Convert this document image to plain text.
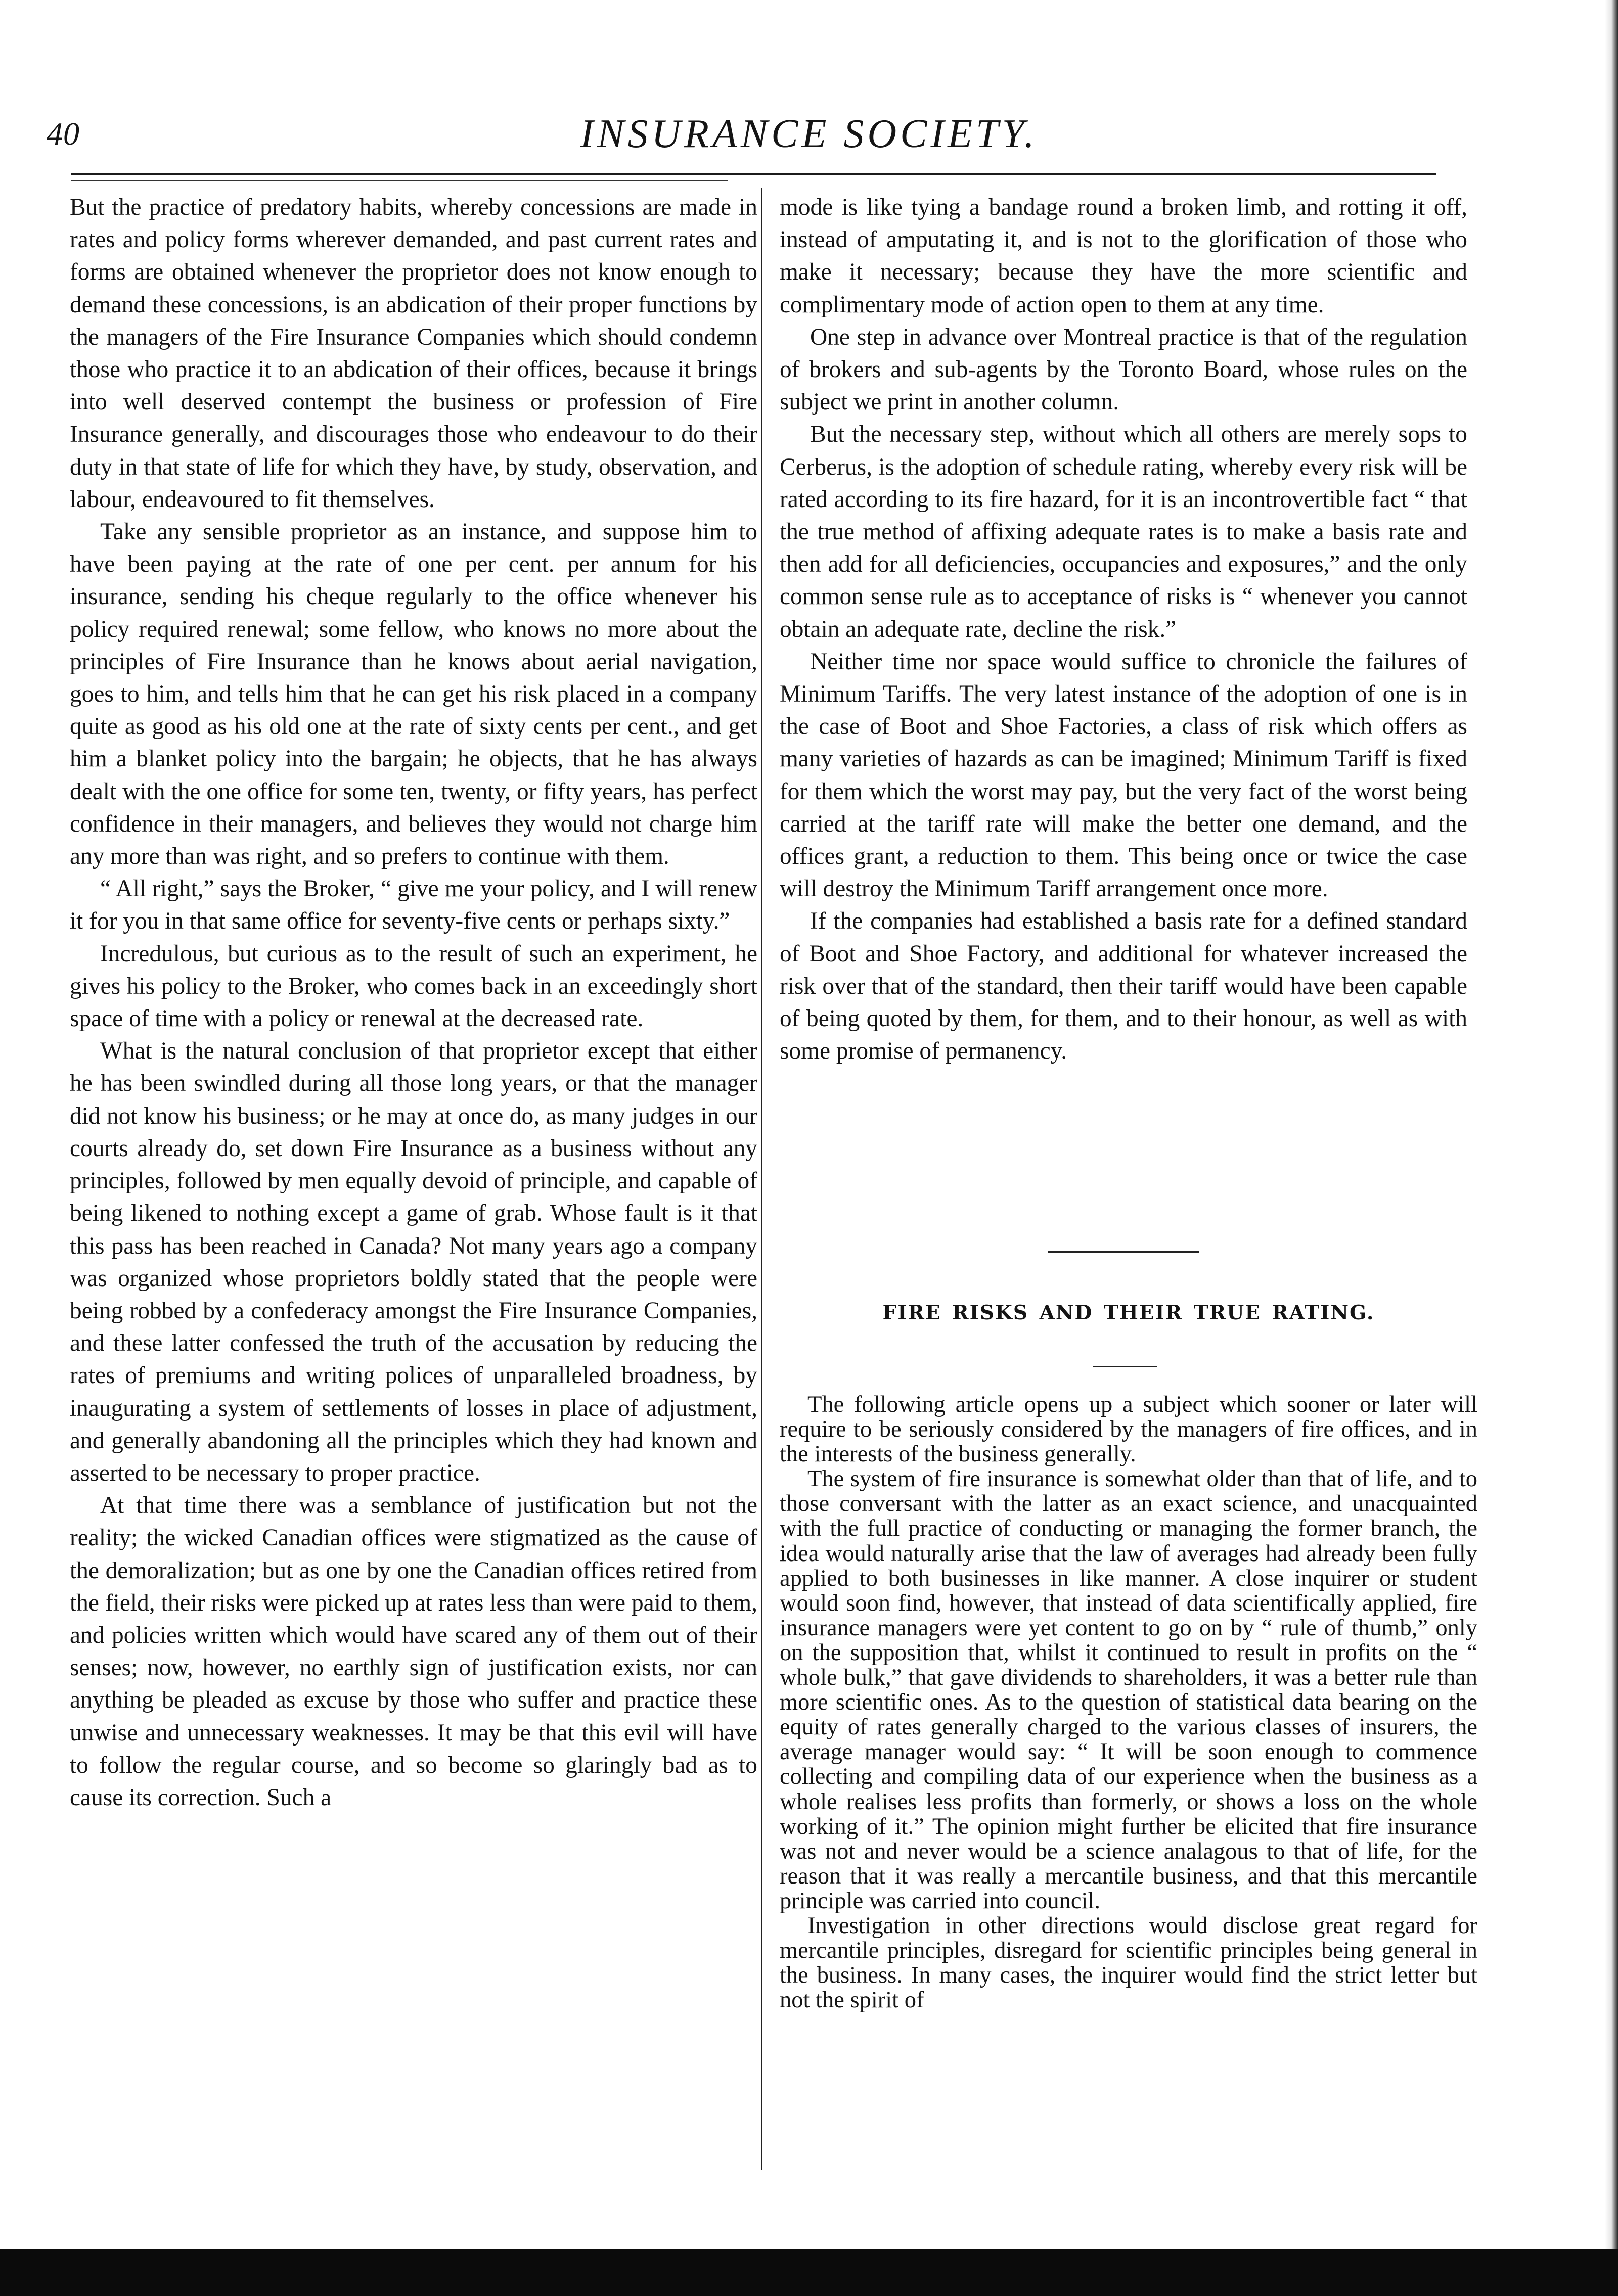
40	INSURANCE SOCIETY.

But the practice of predatory habits, whereby concessions are made in rates and policy forms wherever demanded, and past current rates and forms are obtained whenever the proprietor does not know enough to demand these concessions, is an abdication of their proper functions by the managers of the Fire Insurance Companies which should condemn those who practice it to an abdication of their offices, because it brings into well deserved contempt the business or profession of Fire Insurance generally, and discourages those who endeavour to do their duty in that state of life for which they have, by study, observation, and labour, endeavoured to fit themselves.

Take any sensible proprietor as an instance, and suppose him to have been paying at the rate of one per cent. per annum for his insurance, sending his cheque regularly to the office whenever his policy required renewal; some fellow, who knows no more about the principles of Fire Insurance than he knows about aerial navigation, goes to him, and tells him that he can get his risk placed in a company quite as good as his old one at the rate of sixty cents per cent., and get him a blanket policy into the bargain; he objects, that he has always dealt with the one office for some ten, twenty, or fifty years, has perfect confidence in their managers, and believes they would not charge him any more than was right, and so prefers to continue with them.

“ All right,” says the Broker, “ give me your policy, and I will renew it for you in that same office for seventy-five cents or perhaps sixty.”

Incredulous, but curious as to the result of such an experiment, he gives his policy to the Broker, who comes back in an exceedingly short space of time with a policy or renewal at the decreased rate.

What is the natural conclusion of that proprietor except that either he has been swindled during all those long years, or that the manager did not know his business; or he may at once do, as many judges in our courts already do, set down Fire Insurance as a business without any principles, followed by men equally devoid of principle, and capable of being likened to nothing except a game of grab. Whose fault is it that this pass has been reached in Canada? Not many years ago a company was organized whose proprietors boldly stated that the people were being robbed by a confederacy amongst the Fire Insurance Companies, and these latter confessed the truth of the accusation by reducing the rates of premiums and writing polices of unparalleled broadness, by inaugurating a system of settlements of losses in place of adjustment, and generally abandoning all the principles which they had known and asserted to be necessary to proper practice.

At that time there was a semblance of justification but not the reality; the wicked Canadian offices were stigmatized as the cause of the demoralization; but as one by one the Canadian offices retired from the field, their risks were picked up at rates less than were paid to them, and policies written which would have scared any of them out of their senses; now, however, no earthly sign of justification exists, nor can anything be pleaded as excuse by those who suffer and practice these unwise and unnecessary weaknesses. It may be that this evil will have to follow the regular course, and so become so glaringly bad as to cause its correction. Such a

mode is like tying a bandage round a broken limb, and rotting it off, instead of amputating it, and is not to the glorification of those who make it necessary; because they have the more scientific and complimentary mode of action open to them at any time.

One step in advance over Montreal practice is that of the regulation of brokers and sub-agents by the Toronto Board, whose rules on the subject we print in another column.

But the necessary step, without which all others are merely sops to Cerberus, is the adoption of schedule rating, whereby every risk will be rated according to its fire hazard, for it is an incontrovertible fact “ that the true method of affixing adequate rates is to make a basis rate and then add for all deficiencies, occupancies and exposures,” and the only common sense rule as to acceptance of risks is “ whenever you cannot obtain an adequate rate, decline the risk.”

Neither time nor space would suffice to chronicle the failures of Minimum Tariffs. The very latest instance of the adoption of one is in the case of Boot and Shoe Factories, a class of risk which offers as many varieties of hazards as can be imagined; Minimum Tariff is fixed for them which the worst may pay, but the very fact of the worst being carried at the tariff rate will make the better one demand, and the offices grant, a reduction to them. This being once or twice the case will destroy the Minimum Tariff arrangement once more.

If the companies had established a basis rate for a defined standard of Boot and Shoe Factory, and additional for whatever increased the risk over that of the standard, then their tariff would have been capable of being quoted by them, for them, and to their honour, as well as with some promise of permanency.

FIRE RISKS AND THEIR TRUE RATING.

The following article opens up a subject which sooner or later will require to be seriously considered by the managers of fire offices, and in the interests of the business generally.

The system of fire insurance is somewhat older than that of life, and to those conversant with the latter as an exact science, and unacquainted with the full practice of conducting or managing the former branch, the idea would naturally arise that the law of averages had already been fully applied to both businesses in like manner. A close inquirer or student would soon find, however, that instead of data scientifically applied, fire insurance managers were yet content to go on by “ rule of thumb,” only on the supposition that, whilst it continued to result in profits on the “ whole bulk,” that gave dividends to shareholders, it was a better rule than more scientific ones. As to the question of statistical data bearing on the equity of rates generally charged to the various classes of insurers, the average manager would say: “ It will be soon enough to commence collecting and compiling data of our experience when the business as a whole realises less profits than formerly, or shows a loss on the whole working of it.” The opinion might further be elicited that fire insurance was not and never would be a science analagous to that of life, for the reason that it was really a mercantile business, and that this mercantile principle was carried into council.

Investigation in other directions would disclose great regard for mercantile principles, disregard for scientific principles being general in the business. In many cases, the inquirer would find the strict letter but not the spirit of
